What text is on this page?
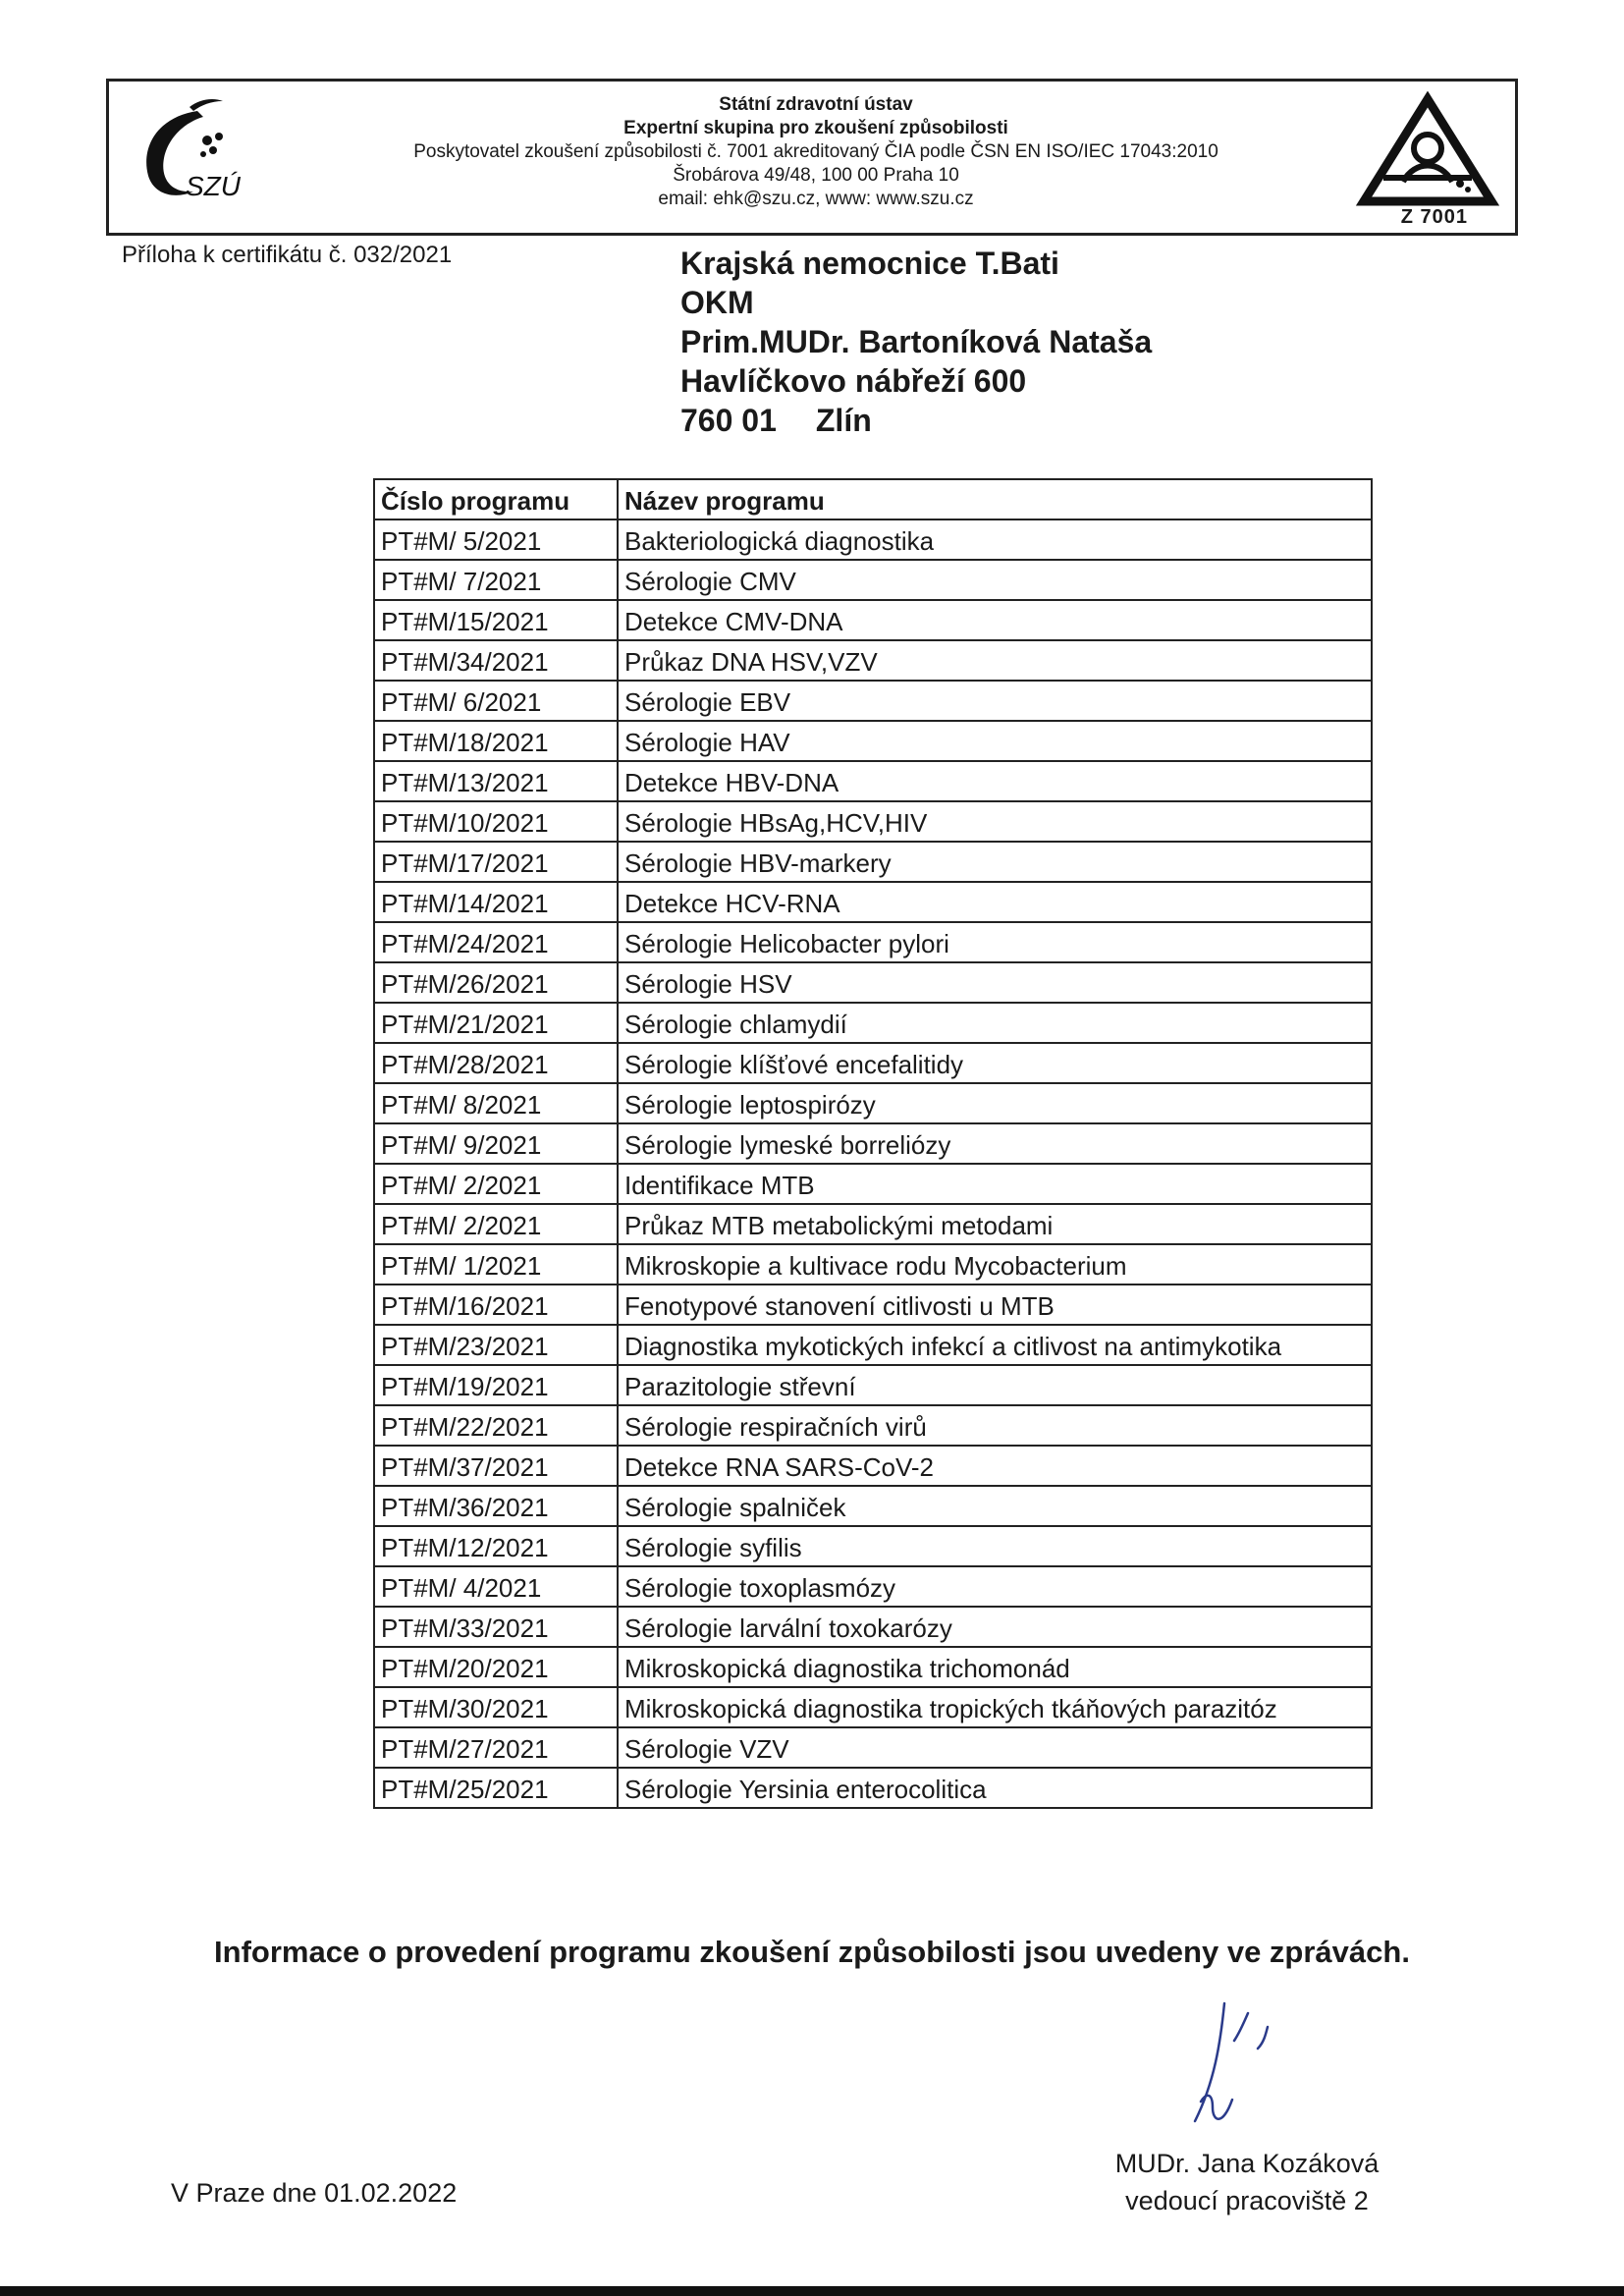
SZÚ
Státní zdravotní ústav
Expertní skupina pro zkoušení způsobilosti
Poskytovatel zkoušení způsobilosti č. 7001 akreditovaný ČIA podle ČSN EN ISO/IEC 17043:2010
Šrobárova 49/48, 100 00 Praha 10
email: ehk@szu.cz, www: www.szu.cz
Z 7001
Příloha k certifikátu č. 032/2021	Krajská nemocnice T.Bati
OKM
Prim.MUDr. Bartoníková Nataša
Havlíčkovo nábřeží 600
760 01 Zlín
Číslo programu	Název programu
PT#M/ 5/2021	Bakteriologická diagnostika
PT#M/ 7/2021	Sérologie CMV
PT#M/15/2021	Detekce CMV-DNA
PT#M/34/2021	Průkaz DNA HSV,VZV
PT#M/ 6/2021	Sérologie EBV
PT#M/18/2021	Sérologie HAV
PT#M/13/2021	Detekce HBV-DNA
PT#M/10/2021	Sérologie HBsAg,HCV,HIV
PT#M/17/2021	Sérologie HBV-markery
PT#M/14/2021	Detekce HCV-RNA
PT#M/24/2021	Sérologie Helicobacter pylori
PT#M/26/2021	Sérologie HSV
PT#M/21/2021	Sérologie chlamydií
PT#M/28/2021	Sérologie klíšťové encefalitidy
PT#M/ 8/2021	Sérologie leptospirózy
PT#M/ 9/2021	Sérologie lymeské borreliózy
PT#M/ 2/2021	Identifikace MTB
PT#M/ 2/2021	Průkaz MTB metabolickými metodami
PT#M/ 1/2021	Mikroskopie a kultivace rodu Mycobacterium
PT#M/16/2021	Fenotypové stanovení citlivosti u MTB
PT#M/23/2021	Diagnostika mykotických infekcí a citlivost na antimykotika
PT#M/19/2021	Parazitologie střevní
PT#M/22/2021	Sérologie respiračních virů
PT#M/37/2021	Detekce RNA SARS-CoV-2
PT#M/36/2021	Sérologie spalniček
PT#M/12/2021	Sérologie syfilis
PT#M/ 4/2021	Sérologie toxoplasmózy
PT#M/33/2021	Sérologie larvální toxokarózy
PT#M/20/2021	Mikroskopická diagnostika trichomonád
PT#M/30/2021	Mikroskopická diagnostika tropických tkáňových parazitóz
PT#M/27/2021	Sérologie VZV
PT#M/25/2021	Sérologie Yersinia enterocolitica
Informace o provedení programu zkoušení způsobilosti jsou uvedeny ve zprávách.
MUDr. Jana Kozáková
vedoucí pracoviště 2
V Praze dne 01.02.2022
